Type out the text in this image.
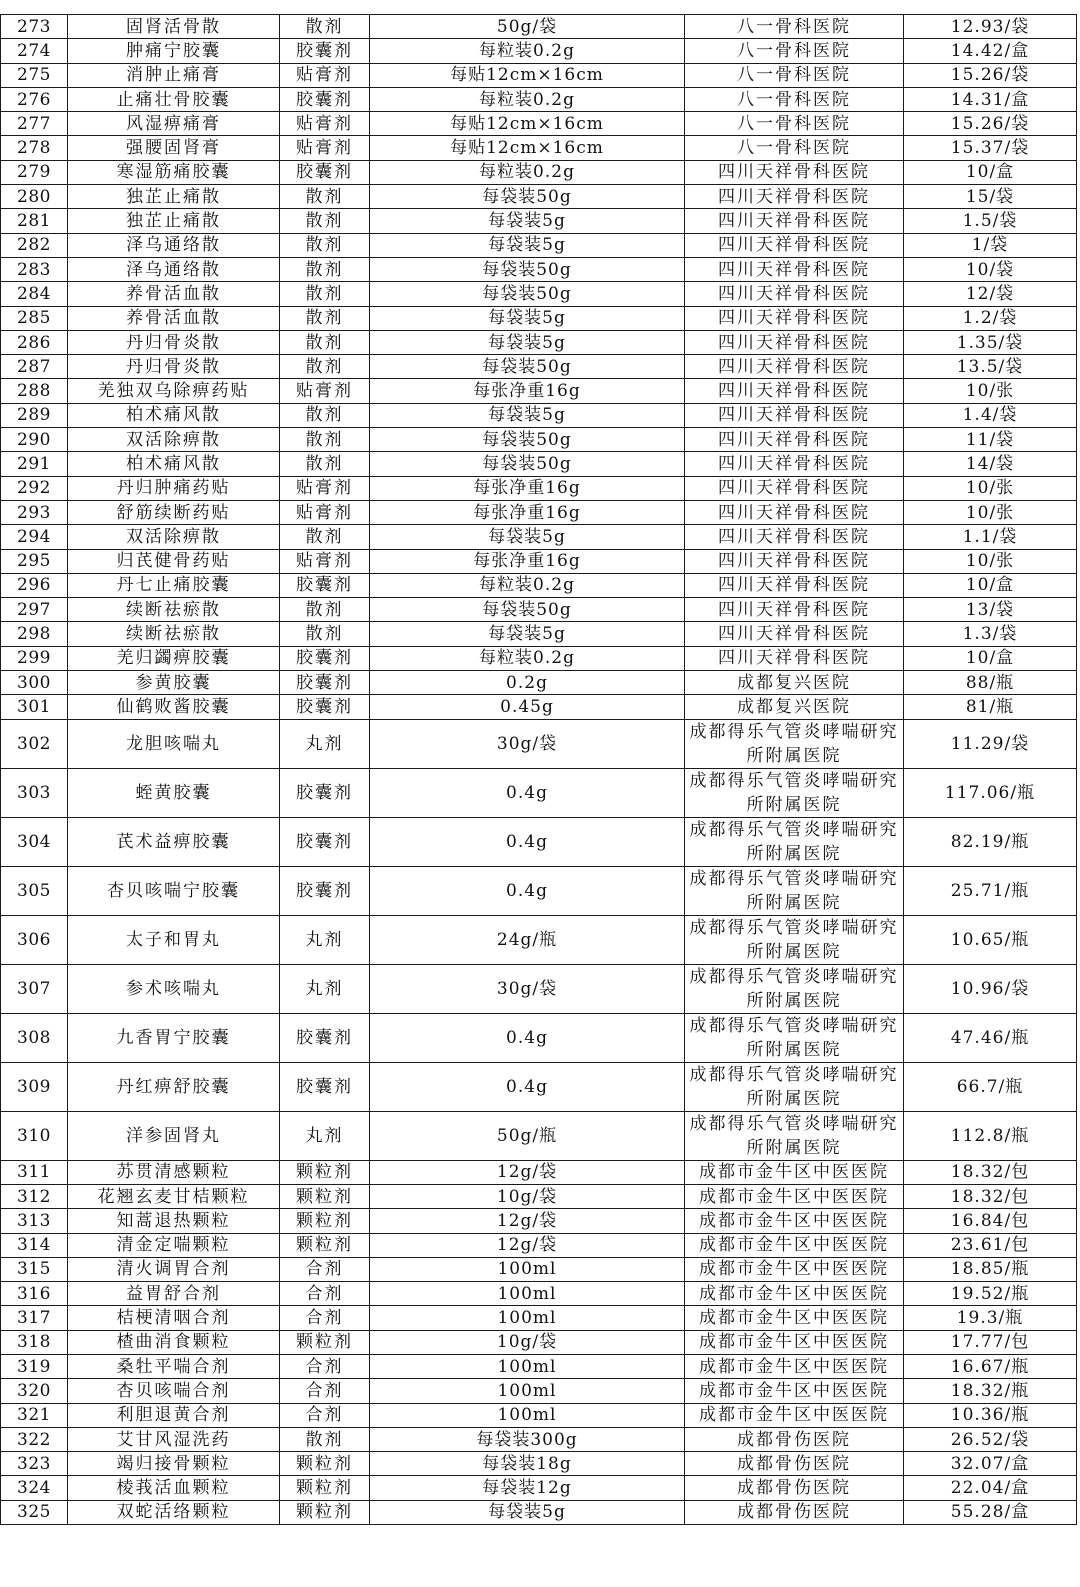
273	固肾活骨散	散剂	50g/袋	八一骨科医院	12.93/袋
274	肿痛宁胶囊	胶囊剂	每粒装0.2g	八一骨科医院	14.42/盒
275	消肿止痛膏	贴膏剂	每贴12cm×16cm	八一骨科医院	15.26/袋
276	止痛壮骨胶囊	胶囊剂	每粒装0.2g	八一骨科医院	14.31/盒
277	风湿痹痛膏	贴膏剂	每贴12cm×16cm	八一骨科医院	15.26/袋
278	强腰固肾膏	贴膏剂	每贴12cm×16cm	八一骨科医院	15.37/袋
279	寒湿筋痛胶囊	胶囊剂	每粒装0.2g	四川天祥骨科医院	10/盒
280	独芷止痛散	散剂	每袋装50g	四川天祥骨科医院	15/袋
281	独芷止痛散	散剂	每袋装5g	四川天祥骨科医院	1.5/袋
282	泽乌通络散	散剂	每袋装5g	四川天祥骨科医院	1/袋
283	泽乌通络散	散剂	每袋装50g	四川天祥骨科医院	10/袋
284	养骨活血散	散剂	每袋装50g	四川天祥骨科医院	12/袋
285	养骨活血散	散剂	每袋装5g	四川天祥骨科医院	1.2/袋
286	丹归骨炎散	散剂	每袋装5g	四川天祥骨科医院	1.35/袋
287	丹归骨炎散	散剂	每袋装50g	四川天祥骨科医院	13.5/袋
288	羌独双乌除痹药贴	贴膏剂	每张净重16g	四川天祥骨科医院	10/张
289	柏术痛风散	散剂	每袋装5g	四川天祥骨科医院	1.4/袋
290	双活除痹散	散剂	每袋装50g	四川天祥骨科医院	11/袋
291	柏术痛风散	散剂	每袋装50g	四川天祥骨科医院	14/袋
292	丹归肿痛药贴	贴膏剂	每张净重16g	四川天祥骨科医院	10/张
293	舒筋续断药贴	贴膏剂	每张净重16g	四川天祥骨科医院	10/张
294	双活除痹散	散剂	每袋装5g	四川天祥骨科医院	1.1/袋
295	归芪健骨药贴	贴膏剂	每张净重16g	四川天祥骨科医院	10/张
296	丹七止痛胶囊	胶囊剂	每粒装0.2g	四川天祥骨科医院	10/盒
297	续断祛瘀散	散剂	每袋装50g	四川天祥骨科医院	13/袋
298	续断祛瘀散	散剂	每袋装5g	四川天祥骨科医院	1.3/袋
299	羌归蠲痹胶囊	胶囊剂	每粒装0.2g	四川天祥骨科医院	10/盒
300	参黄胶囊	胶囊剂	0.2g	成都复兴医院	88/瓶
301	仙鹤败酱胶囊	胶囊剂	0.45g	成都复兴医院	81/瓶
302	龙胆咳喘丸	丸剂	30g/袋	成都得乐气管炎哮喘研究所附属医院	11.29/袋
303	蛭黄胶囊	胶囊剂	0.4g	成都得乐气管炎哮喘研究所附属医院	117.06/瓶
304	芪术益痹胶囊	胶囊剂	0.4g	成都得乐气管炎哮喘研究所附属医院	82.19/瓶
305	杏贝咳喘宁胶囊	胶囊剂	0.4g	成都得乐气管炎哮喘研究所附属医院	25.71/瓶
306	太子和胃丸	丸剂	24g/瓶	成都得乐气管炎哮喘研究所附属医院	10.65/瓶
307	参术咳喘丸	丸剂	30g/袋	成都得乐气管炎哮喘研究所附属医院	10.96/袋
308	九香胃宁胶囊	胶囊剂	0.4g	成都得乐气管炎哮喘研究所附属医院	47.46/瓶
309	丹红痹舒胶囊	胶囊剂	0.4g	成都得乐气管炎哮喘研究所附属医院	66.7/瓶
310	洋参固肾丸	丸剂	50g/瓶	成都得乐气管炎哮喘研究所附属医院	112.8/瓶
311	苏贯清感颗粒	颗粒剂	12g/袋	成都市金牛区中医医院	18.32/包
312	花翘玄麦甘桔颗粒	颗粒剂	10g/袋	成都市金牛区中医医院	18.32/包
313	知蒿退热颗粒	颗粒剂	12g/袋	成都市金牛区中医医院	16.84/包
314	清金定喘颗粒	颗粒剂	12g/袋	成都市金牛区中医医院	23.61/包
315	清火调胃合剂	合剂	100ml	成都市金牛区中医医院	18.85/瓶
316	益胃舒合剂	合剂	100ml	成都市金牛区中医医院	19.52/瓶
317	桔梗清咽合剂	合剂	100ml	成都市金牛区中医医院	19.3/瓶
318	楂曲消食颗粒	颗粒剂	10g/袋	成都市金牛区中医医院	17.77/包
319	桑牡平喘合剂	合剂	100ml	成都市金牛区中医医院	16.67/瓶
320	杏贝咳喘合剂	合剂	100ml	成都市金牛区中医医院	18.32/瓶
321	利胆退黄合剂	合剂	100ml	成都市金牛区中医医院	10.36/瓶
322	艾甘风湿洗药	散剂	每袋装300g	成都骨伤医院	26.52/袋
323	竭归接骨颗粒	颗粒剂	每袋装18g	成都骨伤医院	32.07/盒
324	棱莪活血颗粒	颗粒剂	每袋装12g	成都骨伤医院	22.04/盒
325	双蛇活络颗粒	颗粒剂	每袋装5g	成都骨伤医院	55.28/盒
